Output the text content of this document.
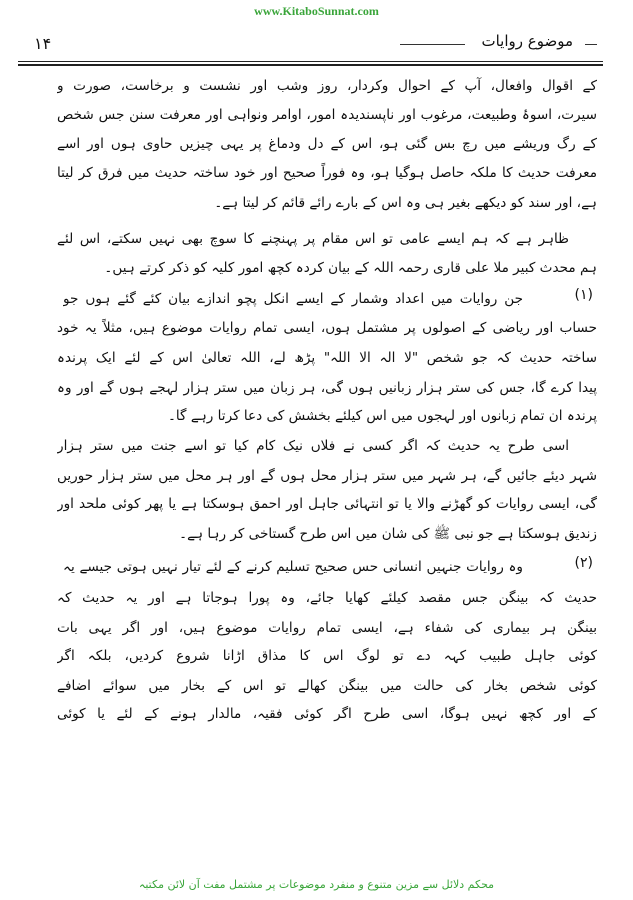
www.KitaboSunnat.com
۱۴	موضوع روایات
کے اقوال وافعال، آپ کے احوال وکردار، روز وشب اور نشست و برخاست، صورت و
سیرت، اسوۂ وطبیعت، مرغوب اور ناپسندیدہ امور، اوامر ونواہی اور معرفت سنن جس شخص
کے رگ وریشے میں رچ بس گئی ہو، اس کے دل ودماغ پر یہی چیزیں حاوی ہوں اور اسے
معرفت حدیث کا ملکہ حاصل ہوگیا ہو، وہ فوراً صحیح اور خود ساختہ حدیث میں فرق کر لیتا
ہے، اور سند کو دیکھے بغیر ہی وہ اس کے بارے رائے قائم کر لیتا ہے۔
ظاہر ہے کہ ہم ایسے عامی تو اس مقام پر پہنچنے کا سوچ بھی نہیں سکتے، اس لئے
ہم محدث کبیر ملا علی قاری رحمہ اللہ کے بیان کردہ کچھ امور کلیہ کو ذکر کرتے ہیں۔
جن روایات میں اعداد وشمار کے ایسے انکل پچو اندازے بیان کئے گئے ہوں جو
حساب اور ریاضی کے اصولوں پر مشتمل ہوں، ایسی تمام روایات موضوع ہیں، مثلاً یہ خود
ساختہ حدیث کہ جو شخص "لا الہ الا اللہ" پڑھ لے، اللہ تعالیٰ اس کے لئے ایک پرندہ
پیدا کرے گا، جس کی ستر ہزار زبانیں ہوں گی، ہر زبان میں ستر ہزار لہجے ہوں گے اور وہ
پرندہ ان تمام زبانوں اور لہجوں میں اس کیلئے بخشش کی دعا کرتا رہے گا۔
اسی طرح یہ حدیث کہ اگر کسی نے فلاں نیک کام کیا تو اسے جنت میں ستر ہزار
شہر دیئے جائیں گے، ہر شہر میں ستر ہزار محل ہوں گے اور ہر محل میں ستر ہزار حوریں
گی، ایسی روایات کو گھڑنے والا یا تو انتہائی جاہل اور احمق ہوسکتا ہے یا پھر کوئی ملحد اور
زندیق ہوسکتا ہے جو نبی ﷺ کی شان میں اس طرح گستاخی کر رہا ہے۔
وہ روایات جنہیں انسانی حس صحیح تسلیم کرنے کے لئے تیار نہیں ہوتی جیسے یہ
حدیث کہ بینگن جس مقصد کیلئے کھایا جائے، وہ پورا ہوجاتا ہے اور یہ حدیث کہ
بینگن ہر بیماری کی شفاء ہے، ایسی تمام روایات موضوع ہیں، اور اگر یہی بات
کوئی جاہل طبیب کہہ دے تو لوگ اس کا مذاق اڑانا شروع کردیں، بلکہ اگر
کوئی شخص بخار کی حالت میں بینگن کھالے تو اس کے بخار میں سوائے اضافے
کے اور کچھ نہیں ہوگا، اسی طرح اگر کوئی فقیہ، مالدار ہونے کے لئے یا کوئی
(۱)
(۲)
محکم دلائل سے مزین متنوع و منفرد موضوعات پر مشتمل مفت آن لائن مکتبہ
